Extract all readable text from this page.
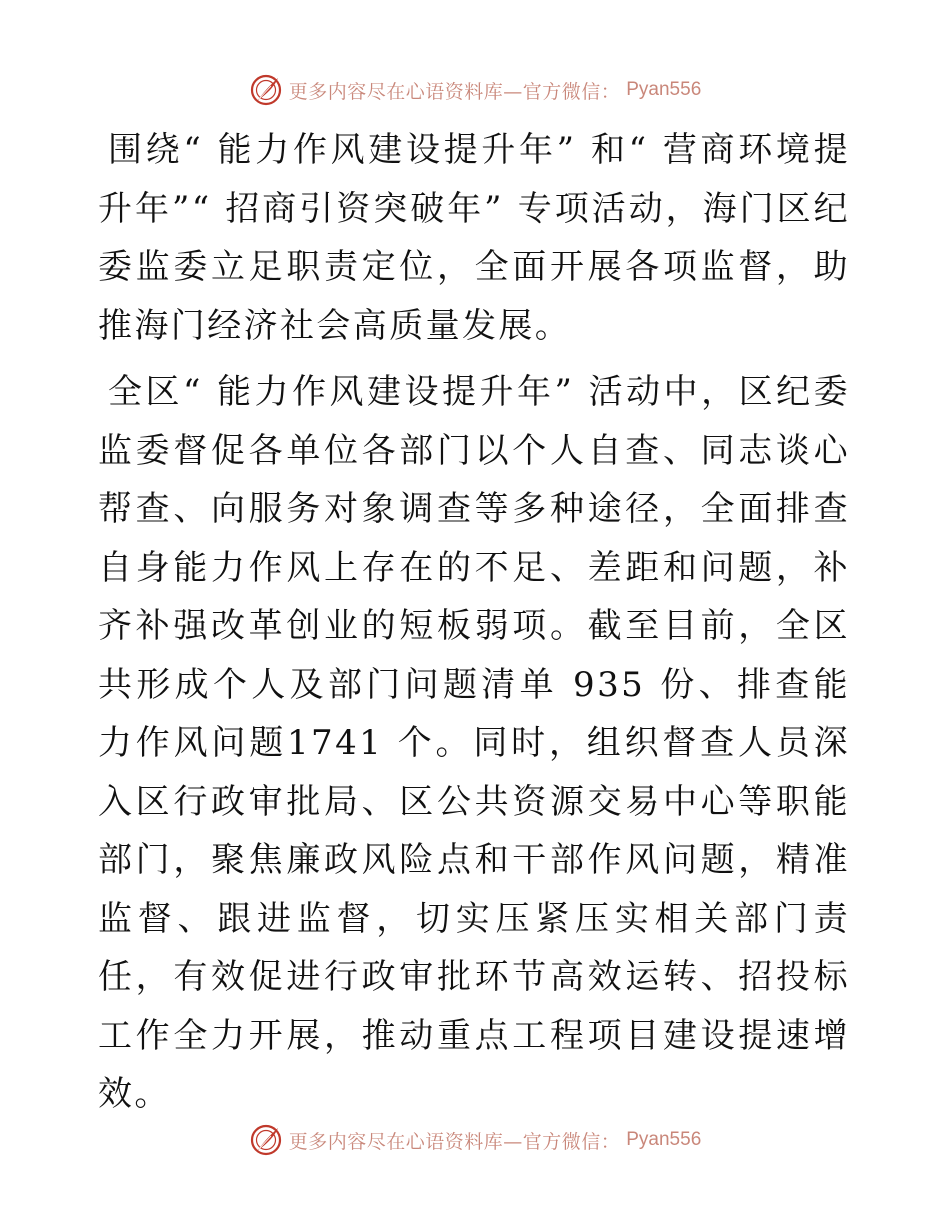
更多内容尽在心语资料库—官方微信： Pyan556

围绕“ 能力作风建设提升年” 和“ 营商环境提升年”“ 招商引资突破年” 专项活动，海门区纪委监委立足职责定位，全面开展各项监督，助推海门经济社会高质量发展。

全区“ 能力作风建设提升年” 活动中，区纪委监委督促各单位各部门以个人自查、同志谈心帮查、向服务对象调查等多种途径，全面排查自身能力作风上存在的不足、差距和问题，补齐补强改革创业的短板弱项。截至目前，全区共形成个人及部门问题清单 935 份、排查能力作风问题1741 个。同时，组织督查人员深入区行政审批局、区公共资源交易中心等职能部门，聚焦廉政风险点和干部作风问题，精准监督、跟进监督，切实压紧压实相关部门责任，有效促进行政审批环节高效运转、招投标工作全力开展，推动重点工程项目建设提速增效。

更多内容尽在心语资料库—官方微信： Pyan556
